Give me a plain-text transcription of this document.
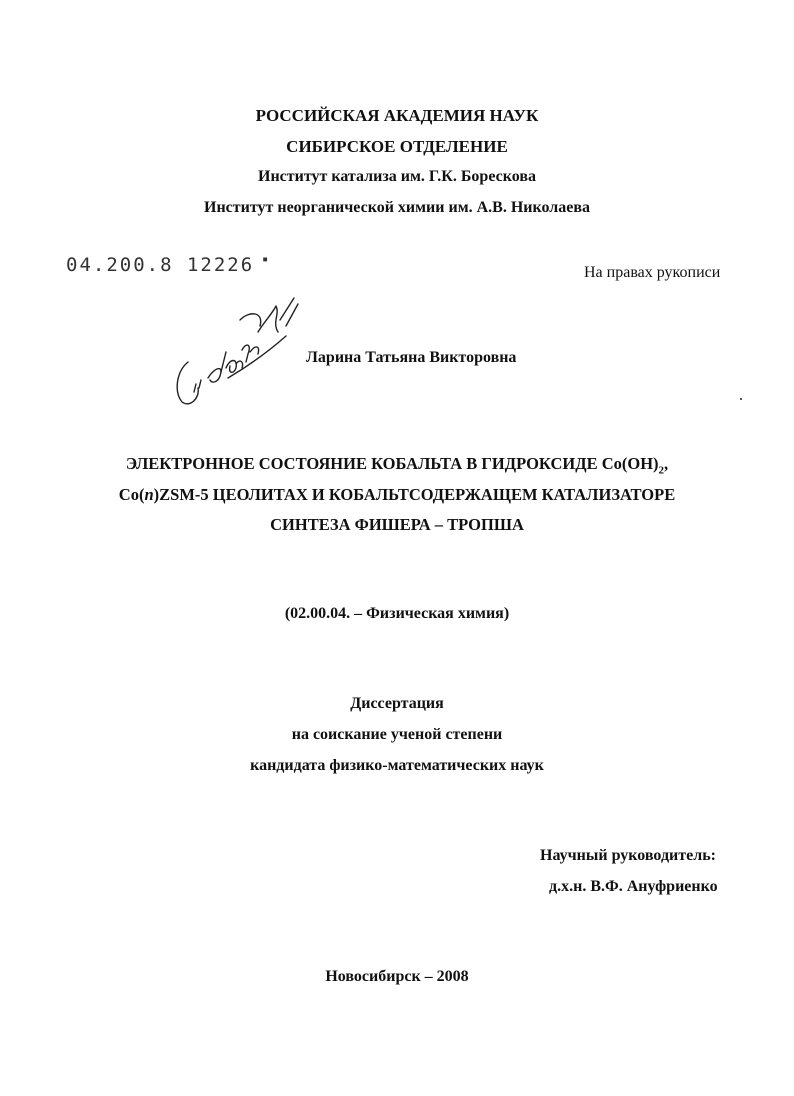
РОССИЙСКАЯ АКАДЕМИЯ НАУК
СИБИРСКОЕ ОТДЕЛЕНИЕ
Институт катализа им. Г.К. Борескова
Институт неорганической химии им. А.В. Николаева
04.200.8 12226 ▪
На правах рукописи
Ларина Татьяна Викторовна
ЭЛЕКТРОННОЕ СОСТОЯНИЕ КОБАЛЬТА В ГИДРОКСИДЕ $Co(OH)_2$,
Co(n)ZSM-5 ЦЕОЛИТАХ И КОБАЛЬТСОДЕРЖАЩЕМ КАТАЛИЗАТОРЕ
СИНТЕЗА ФИШЕРА – ТРОПША
(02.00.04. – Физическая химия)
Диссертация
на соискание ученой степени
кандидата физико-математических наук
Научный руководитель:
д.х.н. В.Ф. Ануфриенко
Новосибирск – 2008
